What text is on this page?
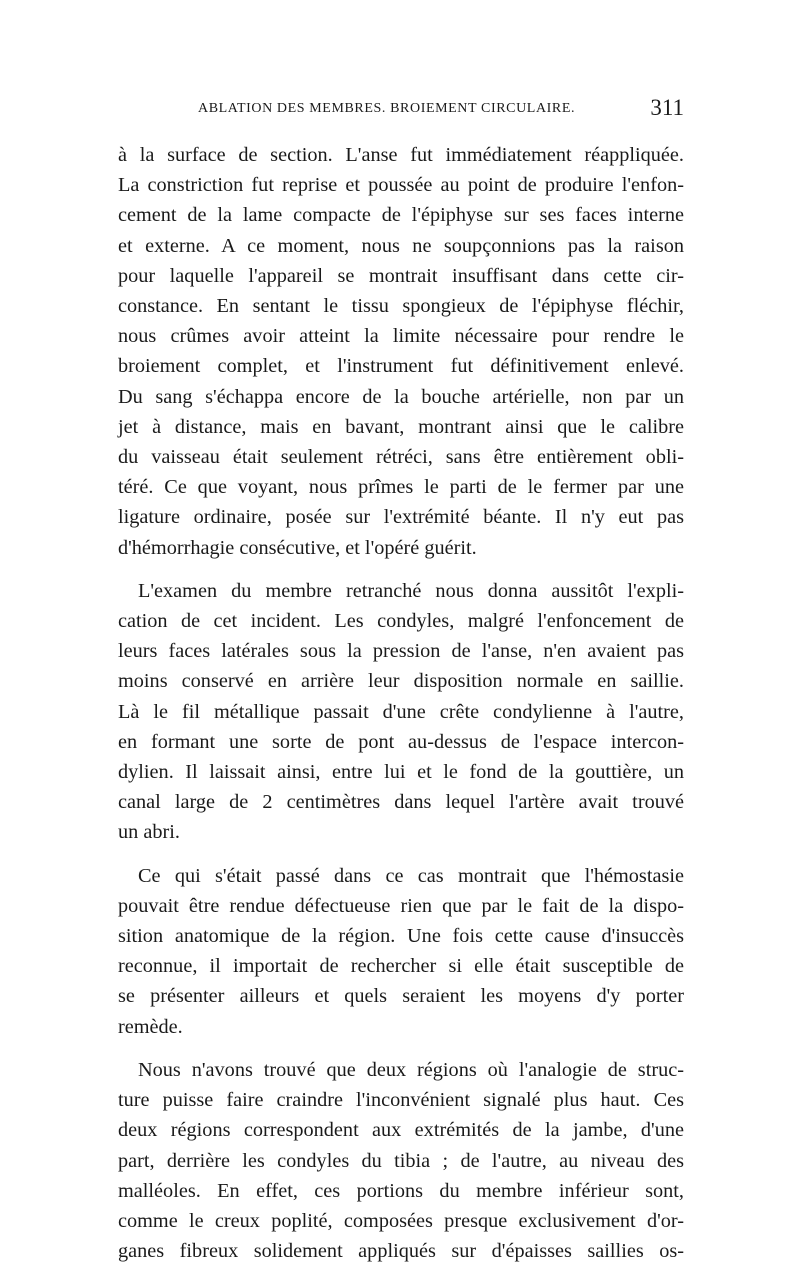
ABLATION DES MEMBRES. BROIEMENT CIRCULAIRE.	311
à la surface de section. L'anse fut immédiatement réappliquée.
La constriction fut reprise et poussée au point de produire l'enfon-
cement de la lame compacte de l'épiphyse sur ses faces interne
et externe. A ce moment, nous ne soupçonnions pas la raison
pour laquelle l'appareil se montrait insuffisant dans cette cir-
constance. En sentant le tissu spongieux de l'épiphyse fléchir,
nous crûmes avoir atteint la limite nécessaire pour rendre le
broiement complet, et l'instrument fut définitivement enlevé.
Du sang s'échappa encore de la bouche artérielle, non par un
jet à distance, mais en bavant, montrant ainsi que le calibre
du vaisseau était seulement rétréci, sans être entièrement obli-
téré. Ce que voyant, nous prîmes le parti de le fermer par une
ligature ordinaire, posée sur l'extrémité béante. Il n'y eut pas
d'hémorrhagie consécutive, et l'opéré guérit.
L'examen du membre retranché nous donna aussitôt l'expli-
cation de cet incident. Les condyles, malgré l'enfoncement de
leurs faces latérales sous la pression de l'anse, n'en avaient pas
moins conservé en arrière leur disposition normale en saillie.
Là le fil métallique passait d'une crête condylienne à l'autre,
en formant une sorte de pont au-dessus de l'espace intercon-
dylien. Il laissait ainsi, entre lui et le fond de la gouttière, un
canal large de 2 centimètres dans lequel l'artère avait trouvé
un abri.
Ce qui s'était passé dans ce cas montrait que l'hémostasie
pouvait être rendue défectueuse rien que par le fait de la dispo-
sition anatomique de la région. Une fois cette cause d'insuccès
reconnue, il importait de rechercher si elle était susceptible de
se présenter ailleurs et quels seraient les moyens d'y porter
remède.
Nous n'avons trouvé que deux régions où l'analogie de struc-
ture puisse faire craindre l'inconvénient signalé plus haut. Ces
deux régions correspondent aux extrémités de la jambe, d'une
part, derrière les condyles du tibia ; de l'autre, au niveau des
malléoles. En effet, ces portions du membre inférieur sont,
comme le creux poplité, composées presque exclusivement d'or-
ganes fibreux solidement appliqués sur d'épaisses saillies os-
